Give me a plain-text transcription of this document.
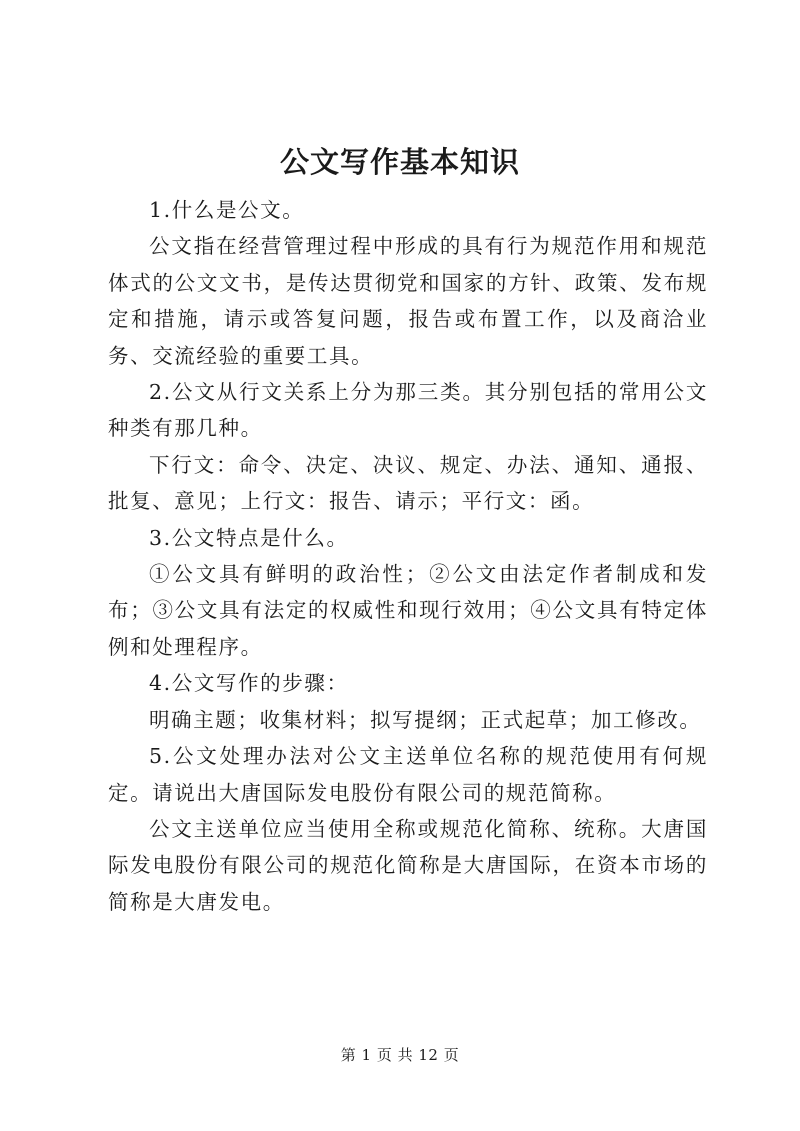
公文写作基本知识

1.什么是公文。

公文指在经营管理过程中形成的具有行为规范作用和规范体式的公文文书，是传达贯彻党和国家的方针、政策、发布规定和措施，请示或答复问题，报告或布置工作，以及商洽业务、交流经验的重要工具。

2.公文从行文关系上分为那三类。其分别包括的常用公文种类有那几种。

下行文：命令、决定、决议、规定、办法、通知、通报、批复、意见；上行文：报告、请示；平行文：函。

3.公文特点是什么。

①公文具有鲜明的政治性；②公文由法定作者制成和发布；③公文具有法定的权威性和现行效用；④公文具有特定体例和处理程序。

4.公文写作的步骤：

明确主题；收集材料；拟写提纲；正式起草；加工修改。

5.公文处理办法对公文主送单位名称的规范使用有何规定。请说出大唐国际发电股份有限公司的规范简称。

公文主送单位应当使用全称或规范化简称、统称。大唐国际发电股份有限公司的规范化简称是大唐国际，在资本市场的简称是大唐发电。

第 1 页 共 12 页
